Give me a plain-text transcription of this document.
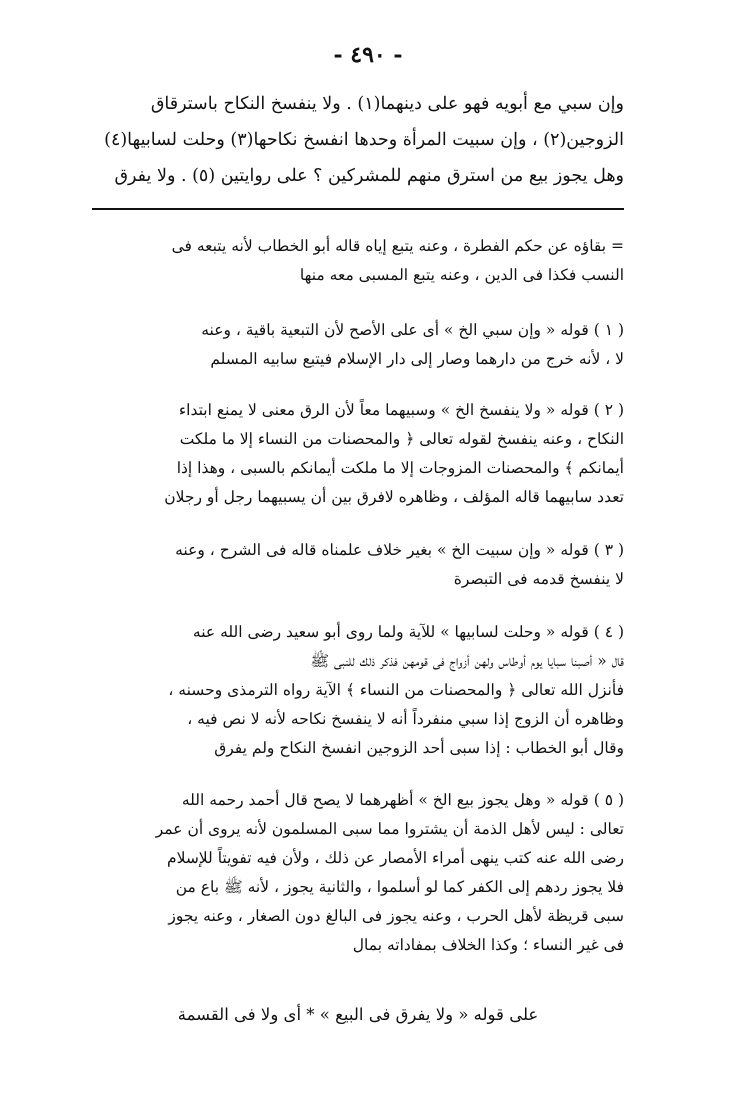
- ٤٩٠ -
وإن سبي مع أبويه فهو على دينهما(١) . ولا ينفسخ النكاح باسترقاق
الزوجين(٢) ، وإن سبيت المرأة وحدها انفسخ نكاحها(٣) وحلت لسابيها(٤)
وهل يجوز بيع من استرق منهم للمشركين ؟ على روايتين (٥) . ولا يفرق
= بقاؤه عن حكم الفطرة ، وعنه يتبع إياه قاله أبو الخطاب لأنه يتبعه فى
النسب فكذا فى الدين ، وعنه يتبع المسبى معه منها
( ١ ) قوله « وإن سبي الخ » أى على الأصح لأن التبعية باقية ، وعنه
لا ، لأنه خرج من دارهما وصار إلى دار الإسلام فيتبع سابيه المسلم
( ٢ ) قوله « ولا ينفسخ الخ » وسبيهما معاً لأن الرق معنى لا يمنع ابتداء
النكاح ، وعنه ينفسخ لقوله تعالى ﴿ والمحصنات من النساء إلا ما ملكت
أيمانكم ﴾ والمحصنات المزوجات إلا ما ملكت أيمانكم بالسبى ، وهذا إذا
تعدد سابيهما قاله المؤلف ، وظاهره لافرق بين أن يسبيهما رجل أو رجلان
( ٣ ) قوله « وإن سبيت الخ » بغير خلاف علمناه قاله فى الشرح ، وعنه
لا ينفسخ قدمه فى التبصرة
( ٤ ) قوله « وحلت لسابيها » للآية ولما روى أبو سعيد رضى الله عنه
قال « أصبنا سبايا يوم أوطاس ولهن أزواج فى قومهن فذكر ذلك للنبى ﷺ
فأنزل الله تعالى ﴿ والمحصنات من النساء ﴾ الآية رواه الترمذى وحسنه ،
وظاهره أن الزوج إذا سبي منفرداً أنه لا ينفسخ نكاحه لأنه لا نص فيه ،
وقال أبو الخطاب : إذا سبى أحد الزوجين انفسخ النكاح ولم يفرق
( ٥ ) قوله « وهل يجوز بيع الخ » أظهرهما لا يصح قال أحمد رحمه الله
تعالى : ليس لأهل الذمة أن يشتروا مما سبى المسلمون لأنه يروى أن عمر
رضى الله عنه كتب ينهى أمراء الأمصار عن ذلك ، ولأن فيه تفويتاً للإسلام
فلا يجوز ردهم إلى الكفر كما لو أسلموا ، والثانية يجوز ، لأنه ﷺ باع من
سبى قريظة لأهل الحرب ، وعنه يجوز فى البالغ دون الصغار ، وعنه يجوز
فى غير النساء ؛ وكذا الخلاف بمفاداته بمال
على قوله « ولا يفرق فى البيع » * أى ولا فى القسمة
